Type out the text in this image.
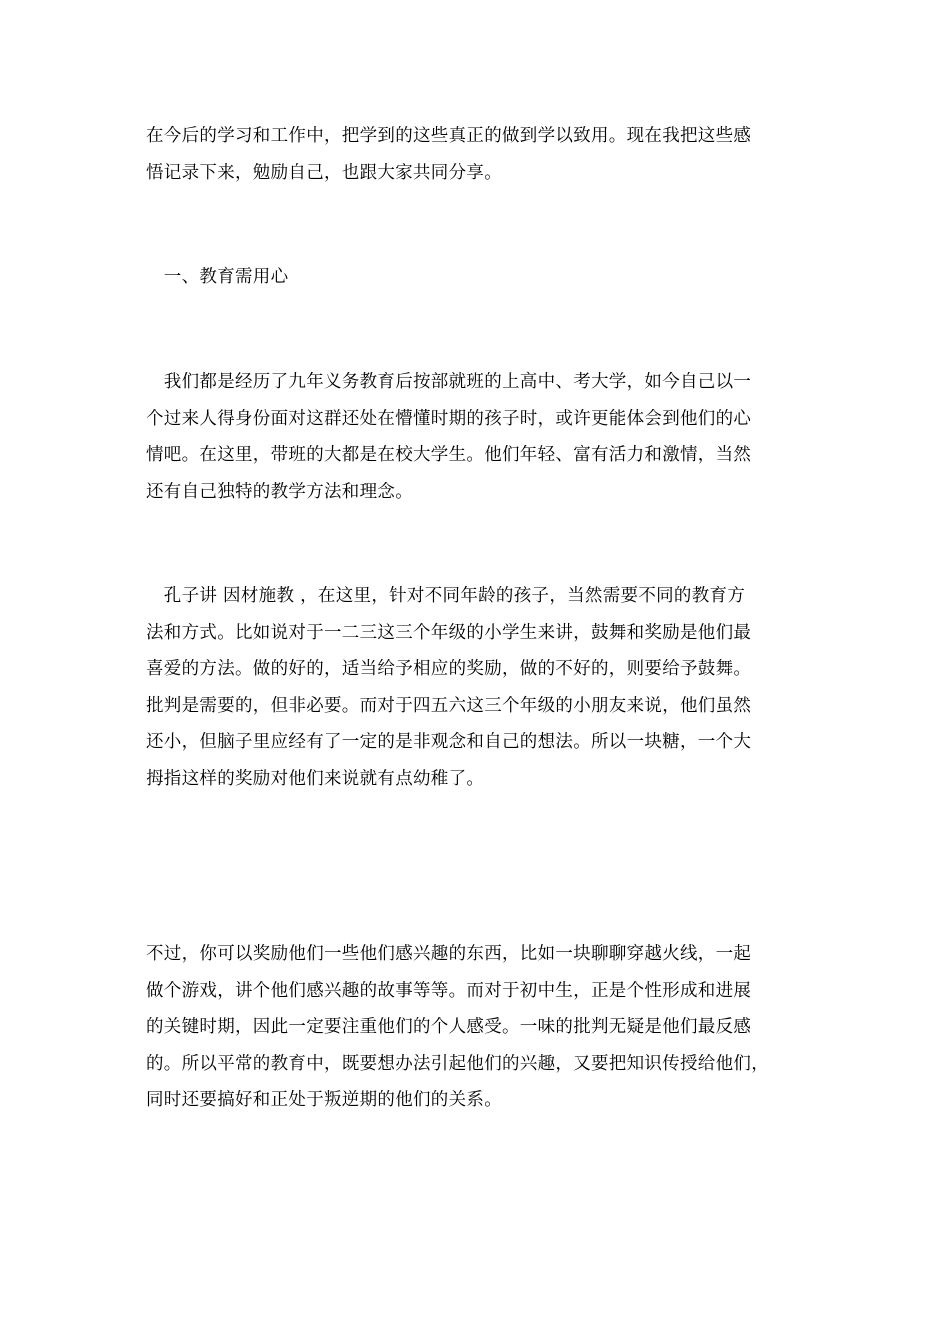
在今后的学习和工作中，把学到的这些真正的做到学以致用。现在我把这些感
悟记录下来，勉励自己，也跟大家共同分享。

　一、教育需用心

　我们都是经历了九年义务教育后按部就班的上高中、考大学，如今自己以一
个过来人得身份面对这群还处在懵懂时期的孩子时，或许更能体会到他们的心
情吧。在这里，带班的大都是在校大学生。他们年轻、富有活力和激情，当然
还有自己独特的教学方法和理念。

　孔子讲 因材施教 ，在这里，针对不同年龄的孩子，当然需要不同的教育方
法和方式。比如说对于一二三这三个年级的小学生来讲，鼓舞和奖励是他们最
喜爱的方法。做的好的，适当给予相应的奖励，做的不好的，则要给予鼓舞。
批判是需要的，但非必要。而对于四五六这三个年级的小朋友来说，他们虽然
还小，但脑子里应经有了一定的是非观念和自己的想法。所以一块糖，一个大
拇指这样的奖励对他们来说就有点幼稚了。

不过，你可以奖励他们一些他们感兴趣的东西，比如一块聊聊穿越火线，一起
做个游戏，讲个他们感兴趣的故事等等。而对于初中生，正是个性形成和进展
的关键时期，因此一定要注重他们的个人感受。一味的批判无疑是他们最反感
的。所以平常的教育中，既要想办法引起他们的兴趣，又要把知识传授给他们，
同时还要搞好和正处于叛逆期的他们的关系。
